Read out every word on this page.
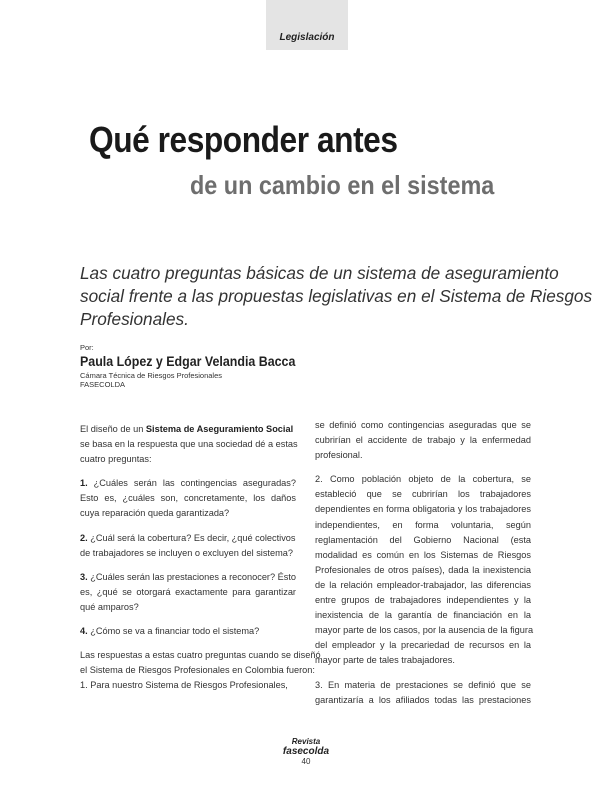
Legislación
Qué responder antes
de un cambio en el sistema
Las cuatro preguntas básicas de un sistema de aseguramiento
social frente a las propuestas legislativas en el Sistema de Riesgos
Profesionales.
Por:
Paula López y Edgar Velandia Bacca
Cámara Técnica de Riesgos Profesionales
FASECOLDA
El diseño de un Sistema de Aseguramiento Social
se basa en la respuesta que una sociedad dé a estas
cuatro preguntas:
1. ¿Cuáles serán las contingencias aseguradas?
Esto es, ¿cuáles son, concretamente, los daños
cuya reparación queda garantizada?
2. ¿Cuál será la cobertura? Es decir, ¿qué colectivos
de trabajadores se incluyen o excluyen del sistema?
3. ¿Cuáles serán las prestaciones a reconocer? Ésto
es, ¿qué se otorgará exactamente para garantizar
qué amparos?
4. ¿Cómo se va a financiar todo el sistema?
Las respuestas a estas cuatro preguntas cuando se diseñó
el Sistema de Riesgos Profesionales en Colombia fueron:
1. Para nuestro Sistema de Riesgos Profesionales,
se definió como contingencias aseguradas que se
cubrirían el accidente de trabajo y la enfermedad
profesional.
2. Como población objeto de la cobertura, se
estableció que se cubrirían los trabajadores
dependientes en forma obligatoria y los trabajadores
independientes, en forma voluntaria, según
reglamentación del Gobierno Nacional (esta
modalidad es común en los Sistemas de Riesgos
Profesionales de otros países), dada la inexistencia
de la relación empleador-trabajador, las diferencias
entre grupos de trabajadores independientes y la
inexistencia de la garantía de financiación en la
mayor parte de los casos, por la ausencia de la figura
del empleador y la precariedad de recursos en la
mayor parte de tales trabajadores.
3. En materia de prestaciones se definió que se
garantizaría a los afiliados todas las prestaciones
Revista
fasecolda
40
